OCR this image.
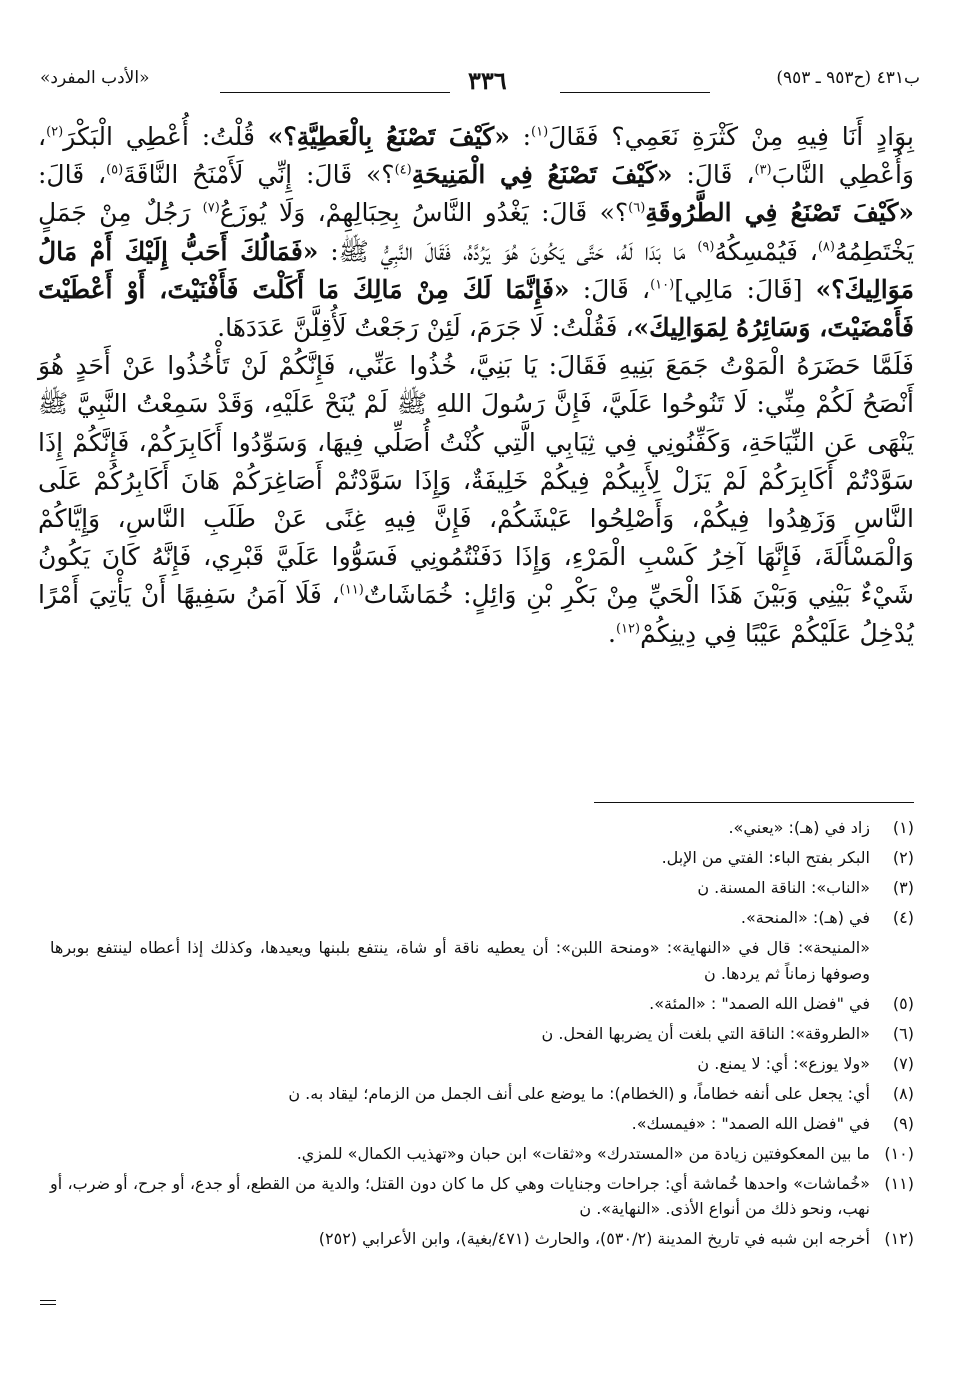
«الأدب المفرد»	٣٣٦	ب٤٣١ (ح٩٥٣ ـ ٩٥٣)

بِوَادٍ أَنَا فِيهِ مِنْ كَثْرَةِ نَعَمِي؟ فَقَالَ$^{(١)}$: «كَيْفَ تَصْنَعُ بِالْعَطِيَّةِ؟» قُلْتُ: أُعْطِي الْبَكْرَ$^{(٢)}$، وَأُعْطِي النَّابَ$^{(٣)}$، قَالَ: «كَيْفَ تَصْنَعُ فِي الْمَنِيحَةِ$^{(٤)}$؟» قَالَ: إِنِّي لَأَمْنَحُ النَّاقَةَ$^{(٥)}$، قَالَ: «كَيْفَ تَصْنَعُ فِي الطَّرُوقَةِ$^{(٦)}$؟» قَالَ: يَغْدُو النَّاسُ بِحِبَالِهِمْ، وَلَا يُوزَعُ$^{(٧)}$ رَجُلٌ مِنْ جَمَلٍ يَخْتَطِمُهُ$^{(٨)}$، فَيُمْسِكُهُ$^{(٩)}$ مَا بَدَا لَهُ، حَتَّى يَكُونَ هُوَ يَرُدَّهُ، فَقَالَ النَّبِيُّ ﷺ: «فَمَالُكَ أَحَبُّ إِلَيْكَ أَمْ مَالُ مَوَالِيكَ؟» [قَالَ: مَالِي]$^{(١٠)}$، قَالَ: «فَإِنَّمَا لَكَ مِنْ مَالِكَ مَا أَكَلْتَ فَأَفْنَيْتَ، أَوْ أَعْطَيْتَ فَأَمْضَيْتَ، وَسَائِرُهُ لِمَوَالِيكَ»، فَقُلْتُ: لَا جَرَمَ، لَئِنْ رَجَعْتُ لَأُقِلَّنَّ عَدَدَهَا.

فَلَمَّا حَضَرَهُ الْمَوْتُ جَمَعَ بَنِيهِ فَقَالَ: يَا بَنِيَّ، خُذُوا عَنِّي، فَإِنَّكُمْ لَنْ تَأْخُذُوا عَنْ أَحَدٍ هُوَ أَنْصَحُ لَكُمْ مِنِّي: لَا تَنُوحُوا عَلَيَّ، فَإِنَّ رَسُولَ اللهِ ﷺ لَمْ يُنَحْ عَلَيْهِ، وَقَدْ سَمِعْتُ النَّبِيَّ ﷺ يَنْهَى عَنِ النِّيَاحَةِ، وَكَفِّنُونِي فِي ثِيَابِي الَّتِي كُنْتُ أُصَلِّي فِيهَا، وَسَوِّدُوا أَكَابِرَكُمْ، فَإِنَّكُمْ إِذَا سَوَّدْتُمْ أَكَابِرَكُمْ لَمْ يَزَلْ لِأَبِيكُمْ فِيكُمْ خَلِيفَةٌ، وَإِذَا سَوَّدْتُمْ أَصَاغِرَكُمْ هَانَ أَكَابِرُكُمْ عَلَى النَّاسِ وَزَهِدُوا فِيكُمْ، وَأَصْلِحُوا عَيْشَكُمْ، فَإِنَّ فِيهِ غِنًى عَنْ طَلَبِ النَّاسِ، وَإِيَّاكُمْ وَالْمَسْأَلَةَ، فَإِنَّهَا آخِرُ كَسْبِ الْمَرْءِ، وَإِذَا دَفَنْتُمُونِي فَسَوُّوا عَلَيَّ قَبْرِي، فَإِنَّهُ كَانَ يَكُونُ شَيْءٌ بَيْنِي وَبَيْنَ هَذَا الْحَيِّ مِنْ بَكْرِ بْنِ وَائِلٍ: خُمَاشَاتٌ$^{(١١)}$، فَلَا آمَنُ سَفِيهًا أَنْ يَأْتِيَ أَمْرًا يُدْخِلُ عَلَيْكُمْ عَيْبًا فِي دِينِكُمْ$^{(١٢)}$.

(١)
زاد في (هـ): «يعني».
(٢)
البكر بفتح الباء: الفتي من الإبل.
(٣)
«الناب»: الناقة المسنة. ن
(٤)
في (هـ): «المنحة».
«المنيحة»: قال في «النهاية»: «ومنحة اللبن»: أن يعطيه ناقة أو شاة، ينتفع بلبنها ويعيدها، وكذلك إذا أعطاه لينتفع بوبرها وصوفها زماناً ثم يردها. ن
(٥)
في "فضل الله الصمد" : «المئة».
(٦)
«الطروقة»: الناقة التي بلغت أن يضربها الفحل. ن
(٧)
«ولا يوزع»: أي: لا يمنع. ن
(٨)
أي: يجعل على أنفه خطاماً، و (الخطام): ما يوضع على أنف الجمل من الزمام؛ ليقاد به. ن
(٩)
في "فضل الله الصمد" : «فيمسك».
(١٠)
ما بين المعكوفتين زيادة من «المستدرك» و«ثقات» ابن حبان و«تهذيب الكمال» للمزي.
(١١)
«خُماشات» واحدها خُماشة أي: جراحات وجنايات وهي كل ما كان دون القتل؛ والدية من القطع، أو جدع، أو جرح، أو ضرب، أو نهب، ونحو ذلك من أنواع الأذى. «النهاية». ن
(١٢)
أخرجه ابن شبه في تاريخ المدينة (٥٣٠/٢)، والحارث (٤٧١/بغية)، وابن الأعرابي (٢٥٢)
